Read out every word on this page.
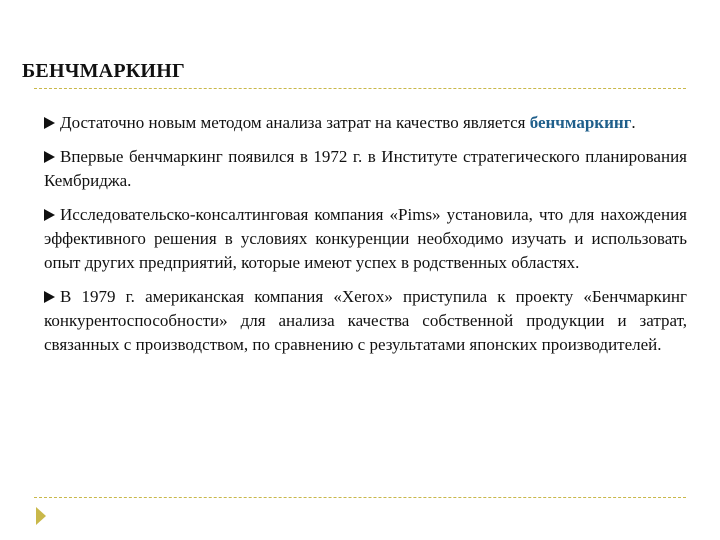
БЕНЧМАРКИНГ

Достаточно новым методом анализа затрат на качество является бенчмаркинг.

Впервые бенчмаркинг появился в 1972 г. в Институте стратегического планирования Кембриджа.

Исследовательско-консалтинговая компания «Pims» установила, что для нахождения эффективного решения в условиях конкуренции необходимо изучать и использовать опыт других предприятий, которые имеют успех в родственных областях.

В 1979 г. американская компания «Xerox» приступила к проекту «Бенчмаркинг конкурентоспособности» для анализа качества собственной продукции и затрат, связанных с производством, по сравнению с результатами японских производителей.
